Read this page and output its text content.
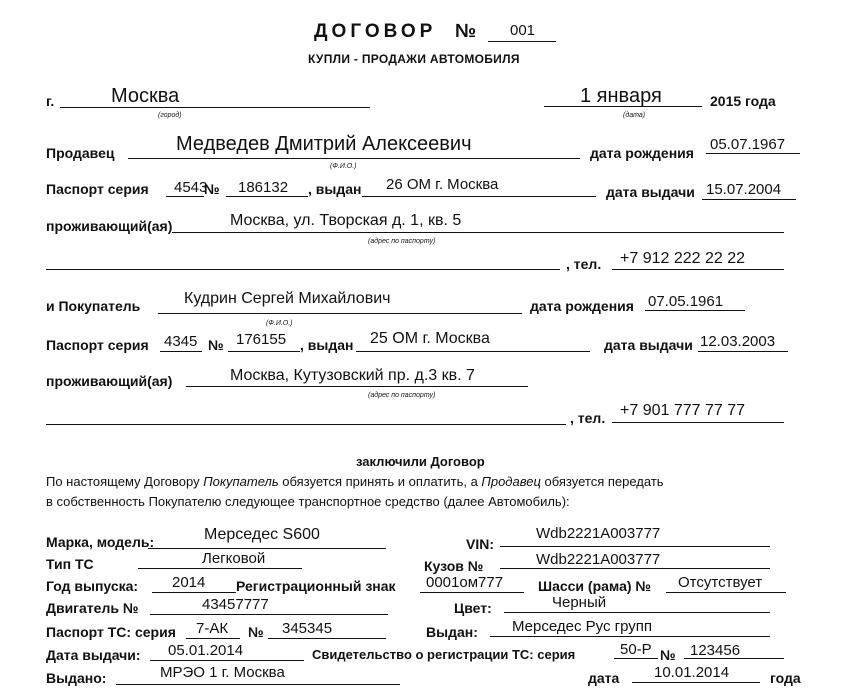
ДОГОВОР № 001
КУПЛИ - ПРОДАЖИ АВТОМОБИЛЯ
г.	Москва
(город)
1 января
(дата)
2015 года
Продавец	Медведев Дмитрий Алексеевич
(Ф.И.О.)
дата рождения 05.07.1967
Паспорт серия 4543
№ 186132 , выдан 26 ОМ г. Москва	дата выдачи 15.07.2004
проживающий(ая)	Москва, ул. Творская д. 1, кв. 5
(адрес по паспорту)
, тел. +7 912 222 22 22
и Покупатель	Кудрин Сергей Михайлович
(Ф.И.О.)
дата рождения 07.05.1961
Паспорт серия 4345 № 176155 , выдан 25 ОМ г. Москва	дата выдачи 12.03.2003
проживающий(ая)	Москва, Кутузовский пр. д.3 кв. 7
(адрес по паспорту)
, тел. +7 901 777 77 77
заключили Договор
По настоящему Договору Покупатель обязуется принять и оплатить, а Продавец обязуется передать
в собственность Покупателю следующее транспортное средство (далее Автомобиль):
Марка, модель:	Мерседес S600
VIN:
Wdb2221A003777
Тип ТС	Легковой	Кузов №	Wdb2221A003777
Год выпуска: 2014 Регистрационный знак 0001ом777 Шасси (рама) № Отсутствует
Двигатель №	43457777	Цвет:	Черный
Паспорт ТС: серия 7-АК № 345345	Выдан: Мерседес Рус групп
Дата выдачи: 05.01.2014	Свидетельство о регистрации ТС: серия	50-Р № 123456
Выдано:	МРЭО 1 г. Москва	дата 10.01.2014	года
